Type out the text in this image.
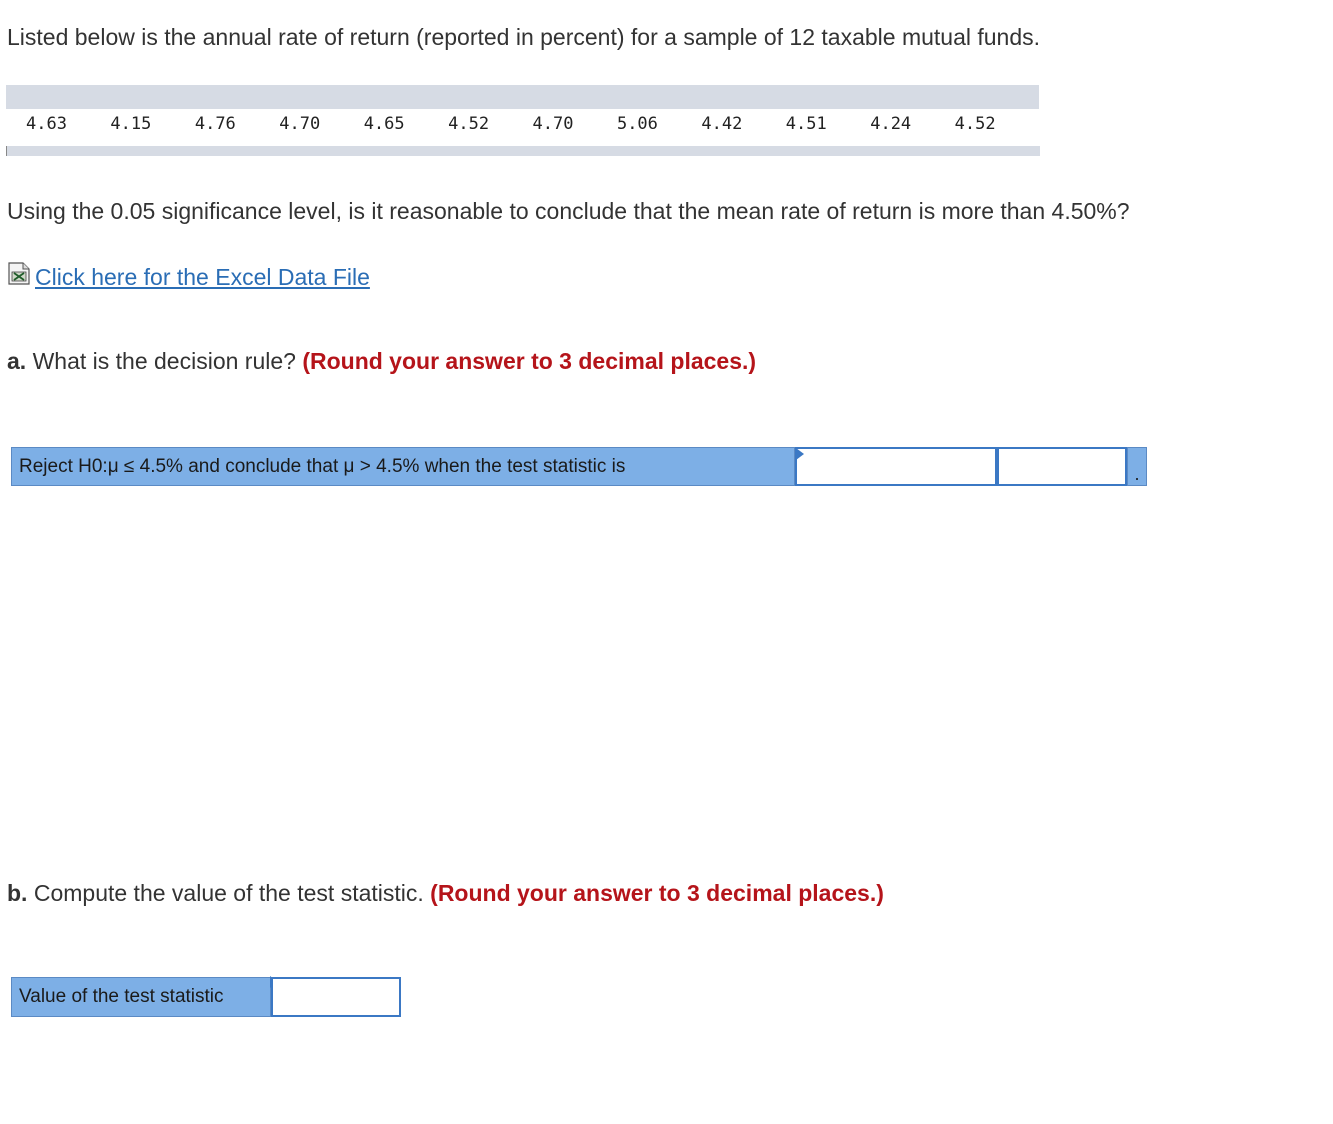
Listed below is the annual rate of return (reported in percent) for a sample of 12 taxable mutual funds.
4.63	4.15	4.76	4.70	4.65	4.52	4.70	5.06	4.42	4.51	4.24	4.52
Using the 0.05 significance level, is it reasonable to conclude that the mean rate of return is more than 4.50%?
Click here for the Excel Data File
a. What is the decision rule? (Round your answer to 3 decimal places.)
Reject H0:μ ≤ 4.5% and conclude that μ > 4.5% when the test statistic is	.
b. Compute the value of the test statistic. (Round your answer to 3 decimal places.)
Value of the test statistic
